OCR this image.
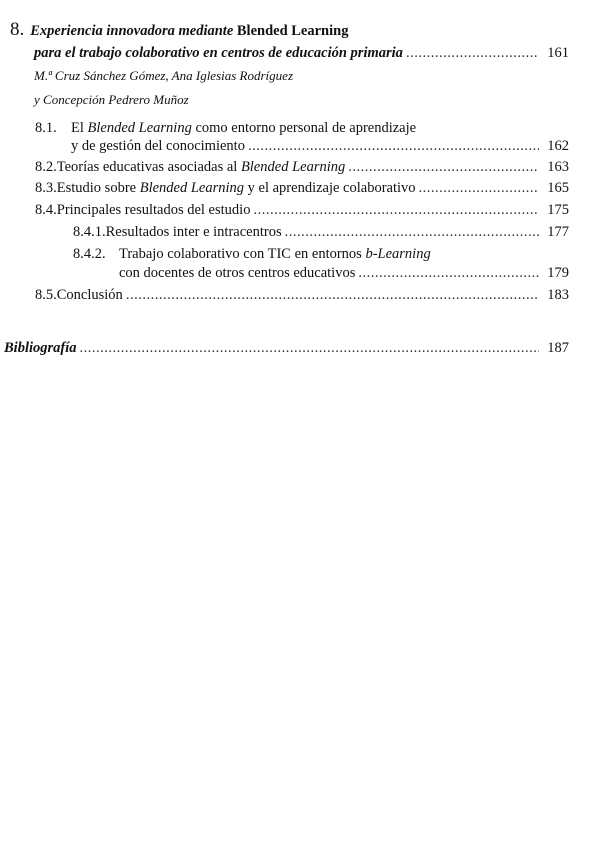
8. Experiencia innovadora mediante
Blended Learning
para el trabajo colaborativo en centros de educación primaria .....	161
M.ª Cruz Sánchez Gómez, Ana Iglesias Rodríguez
y Concepción Pedrero Muñoz
8.1. El
Blended Learning
como entorno personal de aprendizaje
y de gestión del conocimiento .....	162
8.2. Teorías educativas asociadas al
Blended Learning .....	163
8.3. Estudio sobre
Blended Learning
y el aprendizaje colaborativo .....	165
8.4. Principales resultados del estudio .....	175
8.4.1. Resultados inter e intracentros .....	177
8.4.2. Trabajo colaborativo con TIC en entornos
b-Learning
con docentes de otros centros educativos .....	179
8.5. Conclusión .....	183
Bibliografía .....	187
